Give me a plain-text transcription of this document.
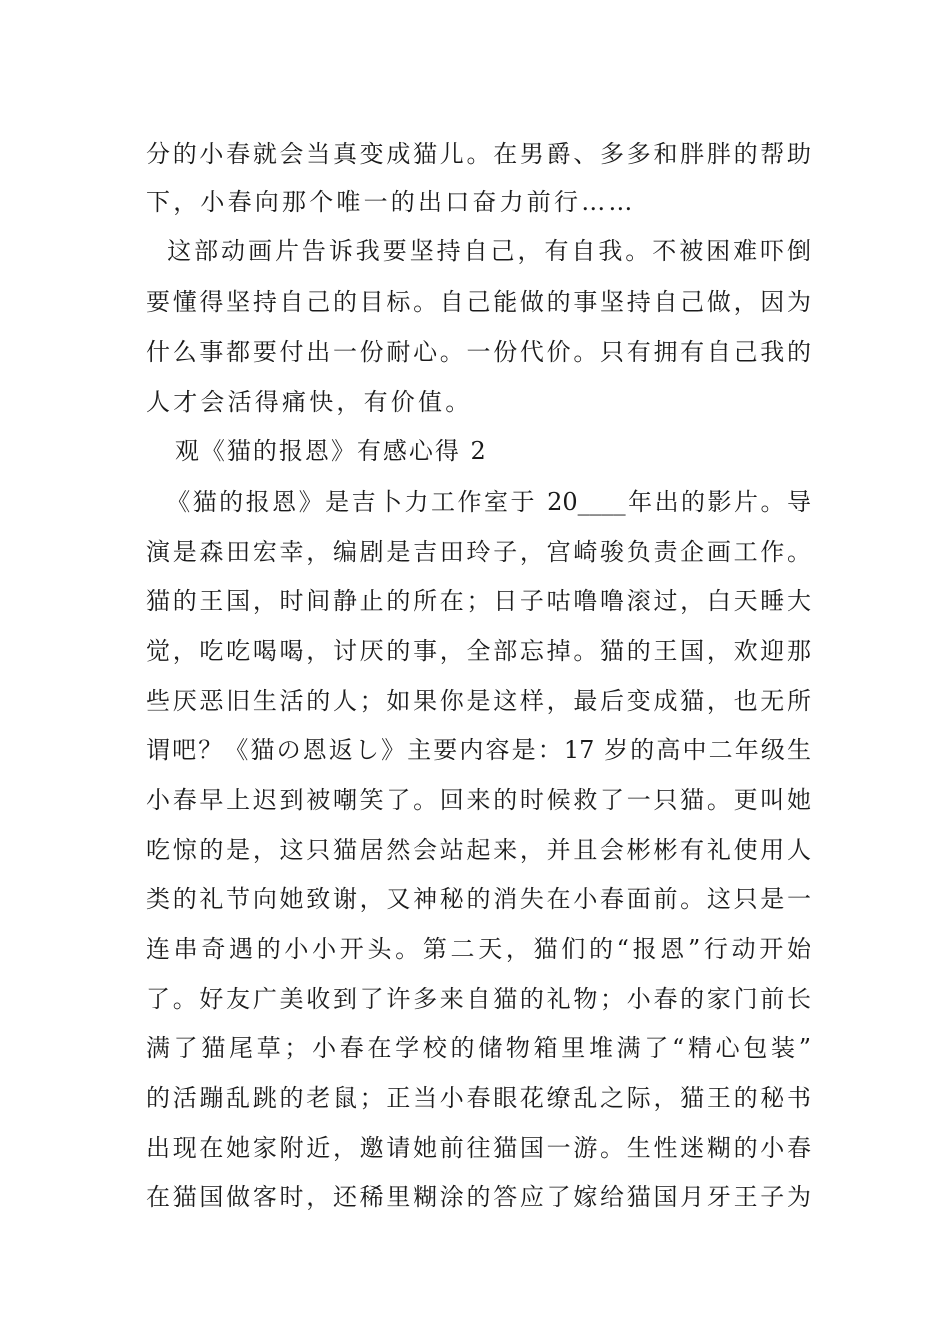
分的小春就会当真变成猫儿。在男爵、多多和胖胖的帮助
下，小春向那个唯一的出口奋力前行……
这部动画片告诉我要坚持自己，有自我。不被困难吓倒
要懂得坚持自己的目标。自己能做的事坚持自己做，因为
什么事都要付出一份耐心。一份代价。只有拥有自己我的
人才会活得痛快，有价值。
观《猫的报恩》有感心得 2
《猫的报恩》是吉卜力工作室于 20____年出的影片。导
演是森田宏幸，编剧是吉田玲子，宫崎骏负责企画工作。
猫的王国，时间静止的所在；日子咕噜噜滚过，白天睡大
觉，吃吃喝喝，讨厌的事，全部忘掉。猫的王国，欢迎那
些厌恶旧生活的人；如果你是这样，最后变成猫，也无所
谓吧？《猫の恩返し》主要内容是：17 岁的高中二年级生
小春早上迟到被嘲笑了。回来的时候救了一只猫。更叫她
吃惊的是，这只猫居然会站起来，并且会彬彬有礼使用人
类的礼节向她致谢，又神秘的消失在小春面前。这只是一
连串奇遇的小小开头。第二天，猫们的“报恩”行动开始
了。好友广美收到了许多来自猫的礼物；小春的家门前长
满了猫尾草；小春在学校的储物箱里堆满了“精心包装”
的活蹦乱跳的老鼠；正当小春眼花缭乱之际，猫王的秘书
出现在她家附近，邀请她前往猫国一游。生性迷糊的小春
在猫国做客时，还稀里糊涂的答应了嫁给猫国月牙王子为
